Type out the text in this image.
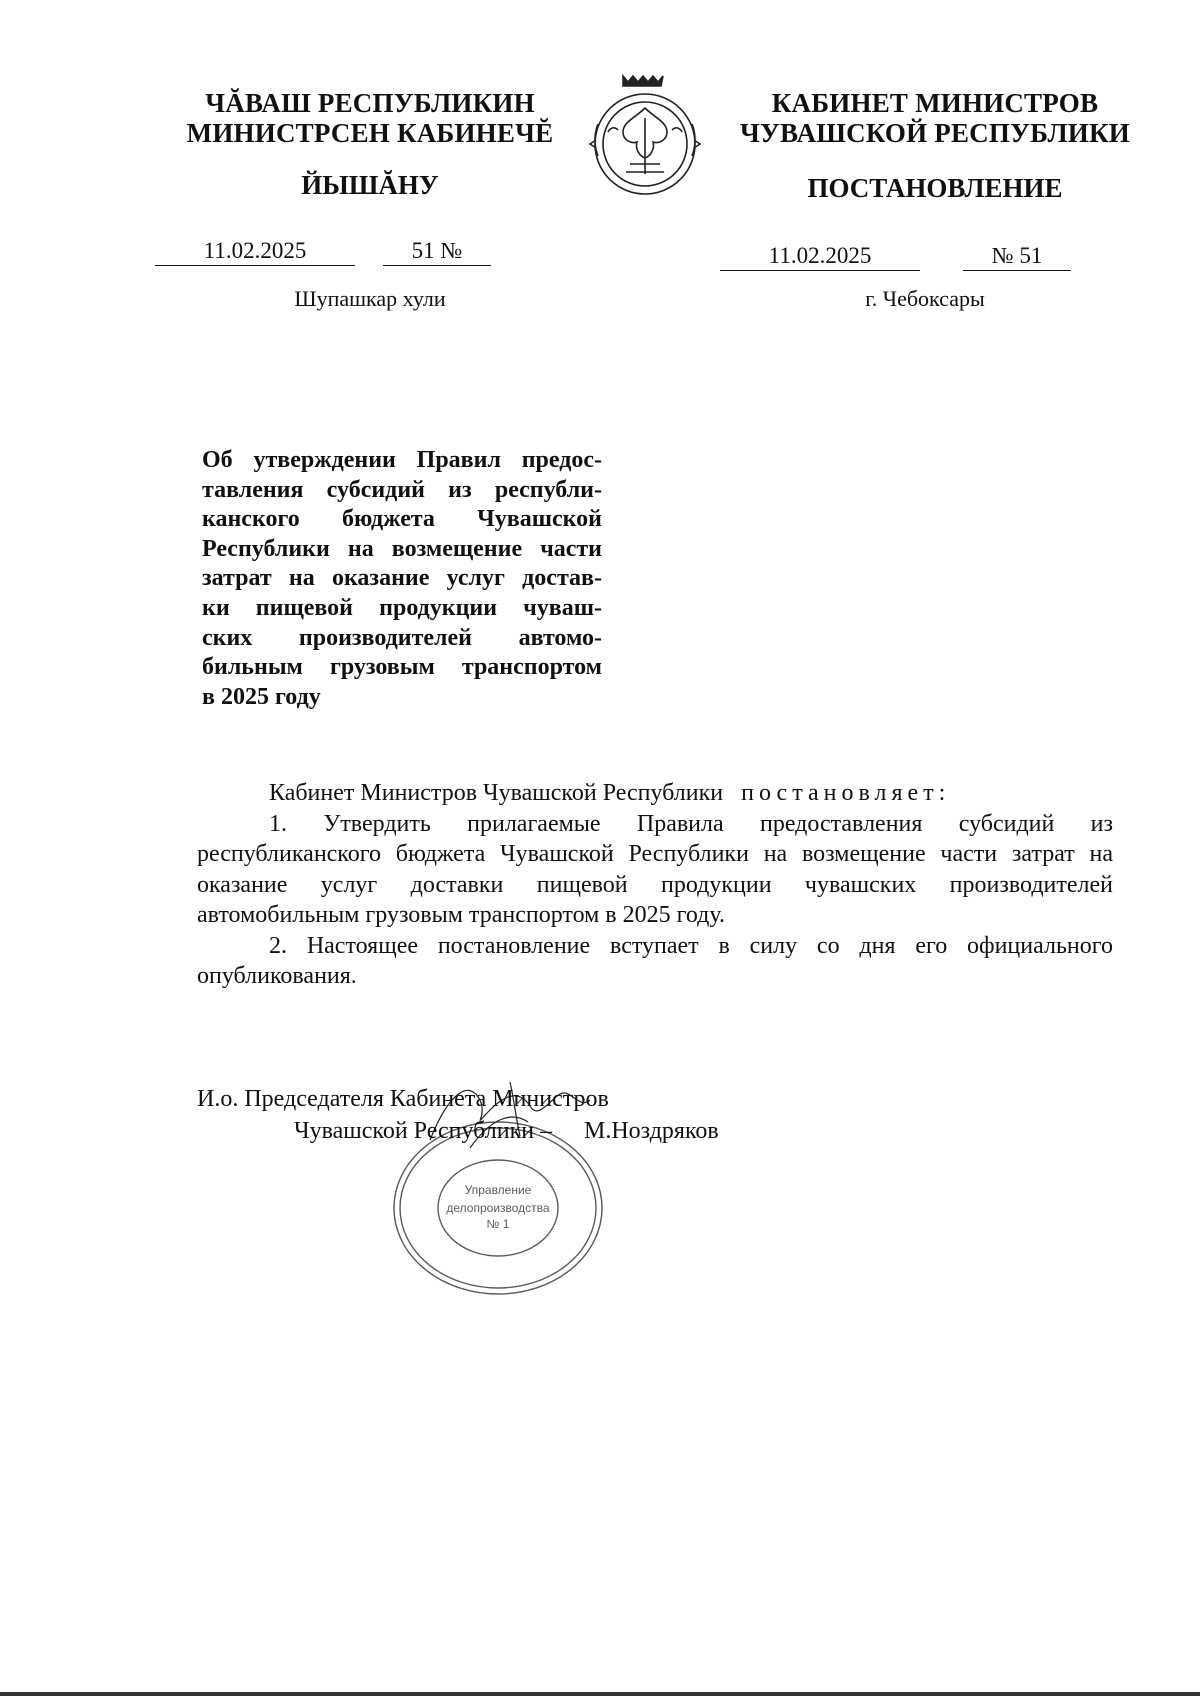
ЧĂВАШ РЕСПУБЛИКИН
МИНИСТРСЕН КАБИНЕЧĔ
ЙЫШĂНУ
КАБИНЕТ МИНИСТРОВ
ЧУВАШСКОЙ РЕСПУБЛИКИ
ПОСТАНОВЛЕНИЕ
11.02.2025	51 №	11.02.2025	№ 51
Шупашкар хули	г. Чебоксары
Об утверждении Правил предос-
тавления субсидий из республи-
канского бюджета Чувашской
Республики на возмещение части
затрат на оказание услуг достав-
ки пищевой продукции чуваш-
ских производителей автомо-
бильным грузовым транспортом
в 2025 году
Кабинет Министров Чувашской Республики постановляет:
1. Утвердить прилагаемые Правила предоставления субсидий из республиканского бюджета Чувашской Республики на возмещение части затрат на оказание услуг доставки пищевой продукции чувашских производителей автомобильным грузовым транспортом в 2025 году.
2. Настоящее постановление вступает в силу со дня его официального опубликования.
Управление
делопроизводства
№ 1
И.о. Председателя Кабинета Министров
Чувашской Республики – М.Ноздряков
